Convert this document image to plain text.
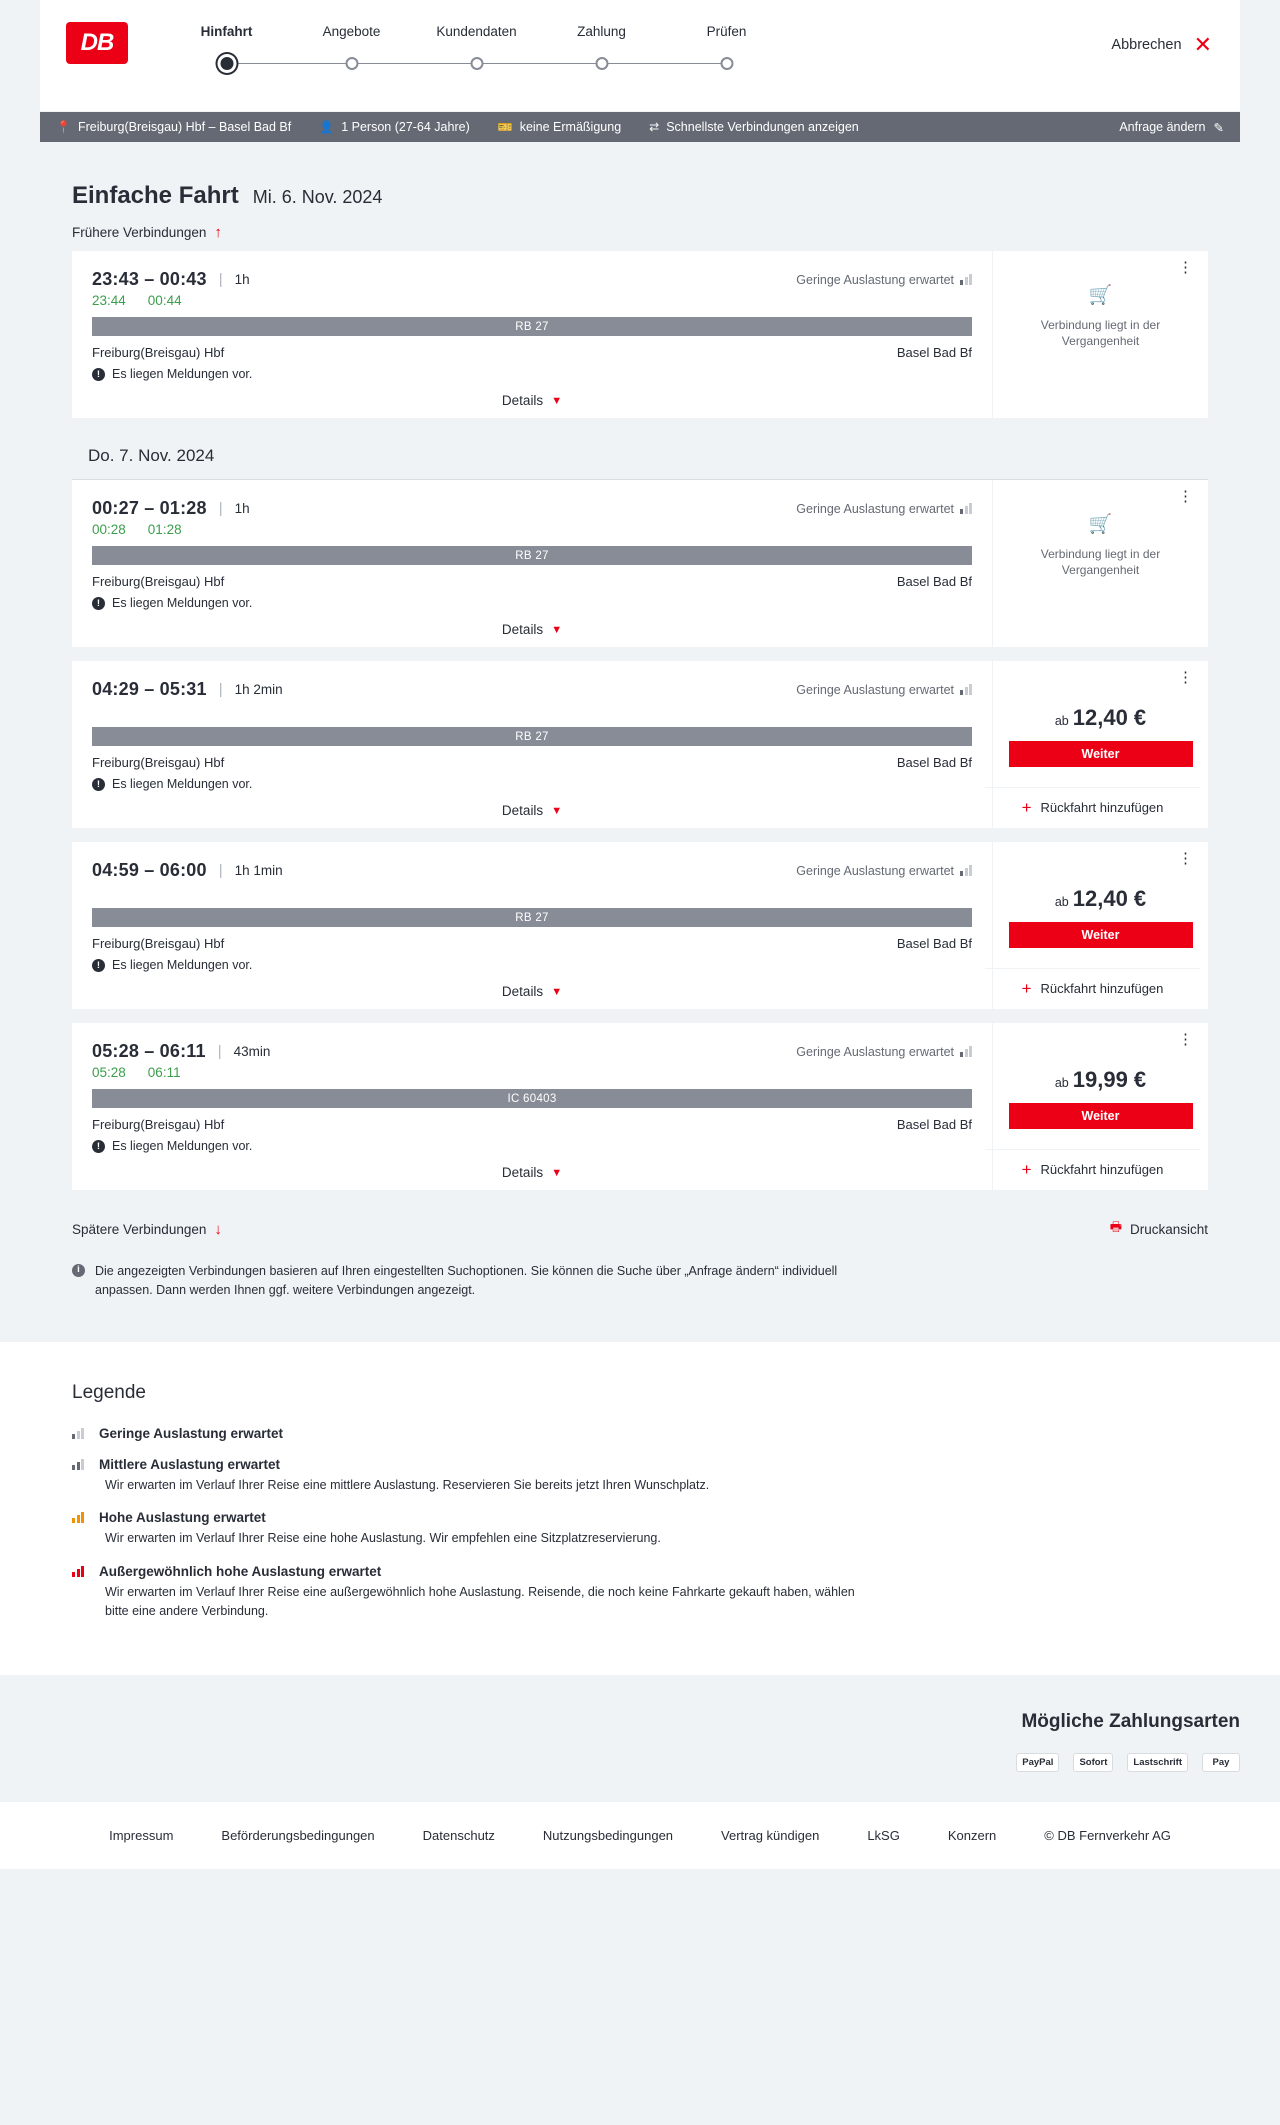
DB	Hinfahrt	Angebote	Kundendaten	Zahlung	Prüfen
Abbrechen ✕
📍 Freiburg(Breisgau) Hbf – Basel Bad Bf 👤 1 Person (27-64 Jahre) 🎫 keine Ermäßigung ⇄ Schnellste Verbindungen anzeigen	Anfrage ändern ✎
Einfache Fahrt Mi. 6. Nov. 2024
Frühere Verbindungen ↑
23:43 – 00:43 | 1h	Geringe Auslastung erwartet
23:44 00:44
RB 27
Freiburg(Breisgau) Hbf	Basel Bad Bf
! Es liegen Meldungen vor.
Details ▼
⋮
🛒
Verbindung liegt in der Vergangenheit
Do. 7. Nov. 2024
00:27 – 01:28 | 1h	Geringe Auslastung erwartet
00:28 01:28
RB 27
Freiburg(Breisgau) Hbf	Basel Bad Bf
! Es liegen Meldungen vor.
Details ▼
⋮
🛒
Verbindung liegt in der Vergangenheit
04:29 – 05:31 | 1h 2min	Geringe Auslastung erwartet
RB 27
Freiburg(Breisgau) Hbf	Basel Bad Bf
! Es liegen Meldungen vor.
Details ▼
⋮
ab 12,40 €
Weiter
+ Rückfahrt hinzufügen
04:59 – 06:00 | 1h 1min	Geringe Auslastung erwartet
RB 27
Freiburg(Breisgau) Hbf	Basel Bad Bf
! Es liegen Meldungen vor.
Details ▼
⋮
ab 12,40 €
Weiter
+ Rückfahrt hinzufügen
05:28 – 06:11 | 43min	Geringe Auslastung erwartet
05:28 06:11
IC 60403
Freiburg(Breisgau) Hbf	Basel Bad Bf
! Es liegen Meldungen vor.
Details ▼
⋮
ab 19,99 €
Weiter
+ Rückfahrt hinzufügen
Spätere Verbindungen ↓	🖶 Druckansicht
i	Die angezeigten Verbindungen basieren auf Ihren eingestellten Suchoptionen. Sie können die Suche über „Anfrage ändern“ individuell anpassen. Dann werden Ihnen ggf. weitere Verbindungen angezeigt.

Legende
Geringe Auslastung erwartet
Mittlere Auslastung erwartet
Wir erwarten im Verlauf Ihrer Reise eine mittlere Auslastung. Reservieren Sie bereits jetzt Ihren Wunschplatz.
Hohe Auslastung erwartet
Wir erwarten im Verlauf Ihrer Reise eine hohe Auslastung. Wir empfehlen eine Sitzplatzreservierung.
Außergewöhnlich hohe Auslastung erwartet
Wir erwarten im Verlauf Ihrer Reise eine außergewöhnlich hohe Auslastung. Reisende, die noch keine Fahrkarte gekauft haben, wählen bitte eine andere Verbindung.
Mögliche Zahlungsarten
PayPal	Sofort	Lastschrift	Pay
Impressum	Beförderungsbedingungen	Datenschutz	Nutzungsbedingungen	Vertrag kündigen	LkSG	Konzern	© DB Fernverkehr AG
